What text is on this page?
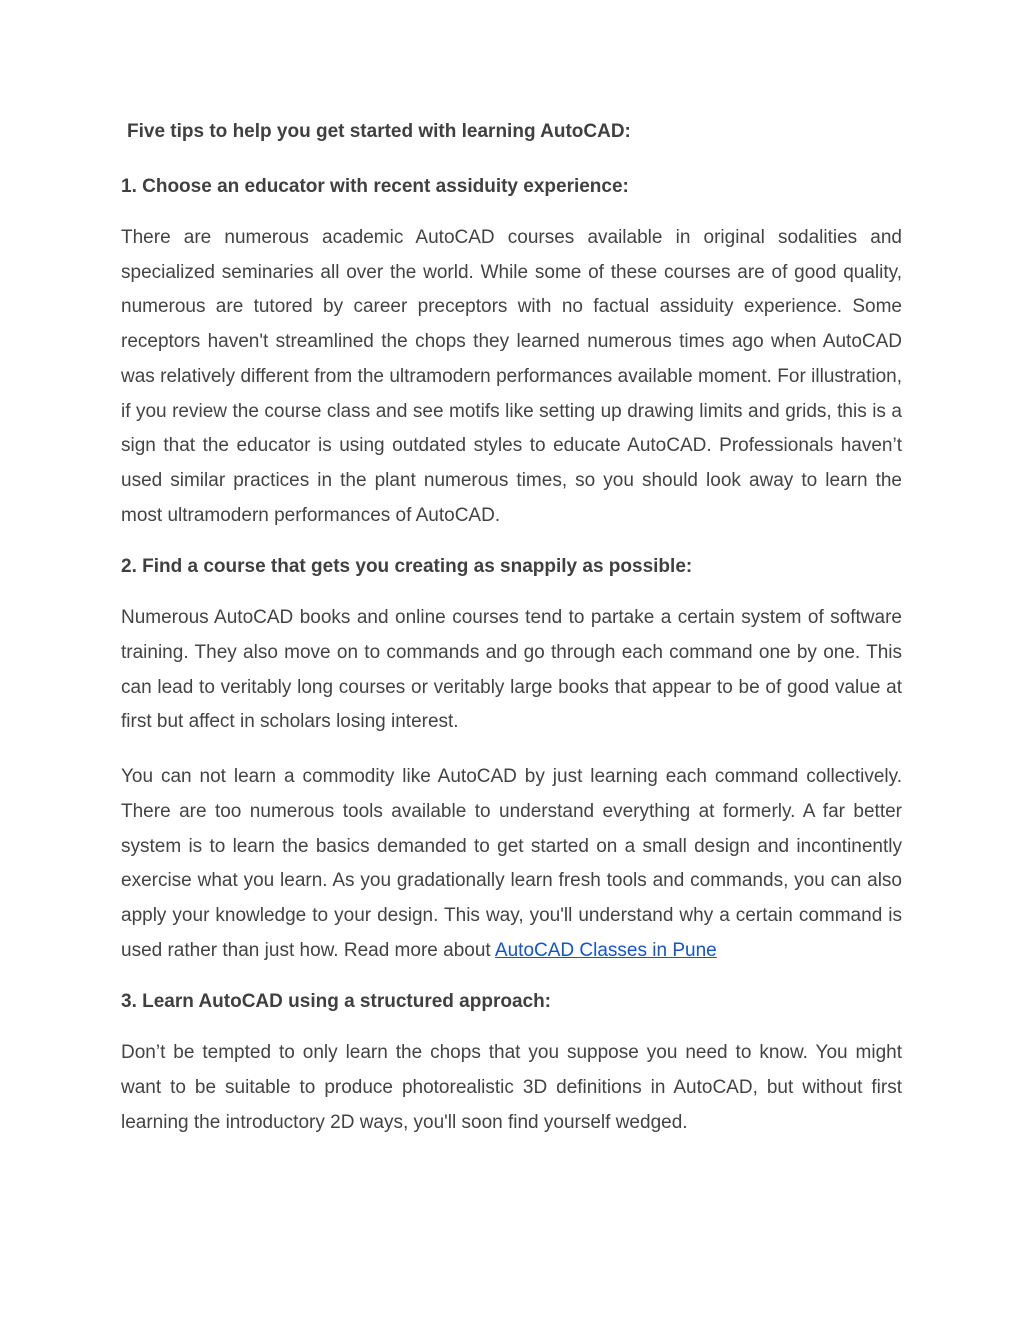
Five tips to help you get started with learning AutoCAD:
1. Choose an educator with recent assiduity experience:

There are numerous academic AutoCAD courses available in original sodalities and specialized seminaries all over the world. While some of these courses are of good quality, numerous are tutored by career preceptors with no factual assiduity experience. Some receptors haven't streamlined the chops they learned numerous times ago when AutoCAD was relatively different from the ultramodern performances available moment. For illustration, if you review the course class and see motifs like setting up drawing limits and grids, this is a sign that the educator is using outdated styles to educate AutoCAD. Professionals haven’t used similar practices in the plant numerous times, so you should look away to learn the most ultramodern performances of AutoCAD.

2. Find a course that gets you creating as snappily as possible:

Numerous AutoCAD books and online courses tend to partake a certain system of software training. They also move on to commands and go through each command one by one. This can lead to veritably long courses or veritably large books that appear to be of good value at first but affect in scholars losing interest.

You can not learn a commodity like AutoCAD by just learning each command collectively. There are too numerous tools available to understand everything at formerly. A far better system is to learn the basics demanded to get started on a small design and incontinently exercise what you learn. As you gradationally learn fresh tools and commands, you can also apply your knowledge to your design. This way, you'll understand why a certain command is used rather than just how. Read more about AutoCAD Classes in Pune

3. Learn AutoCAD using a structured approach:

Don’t be tempted to only learn the chops that you suppose you need to know. You might want to be suitable to produce photorealistic 3D definitions in AutoCAD, but without first learning the introductory 2D ways, you'll soon find yourself wedged.
